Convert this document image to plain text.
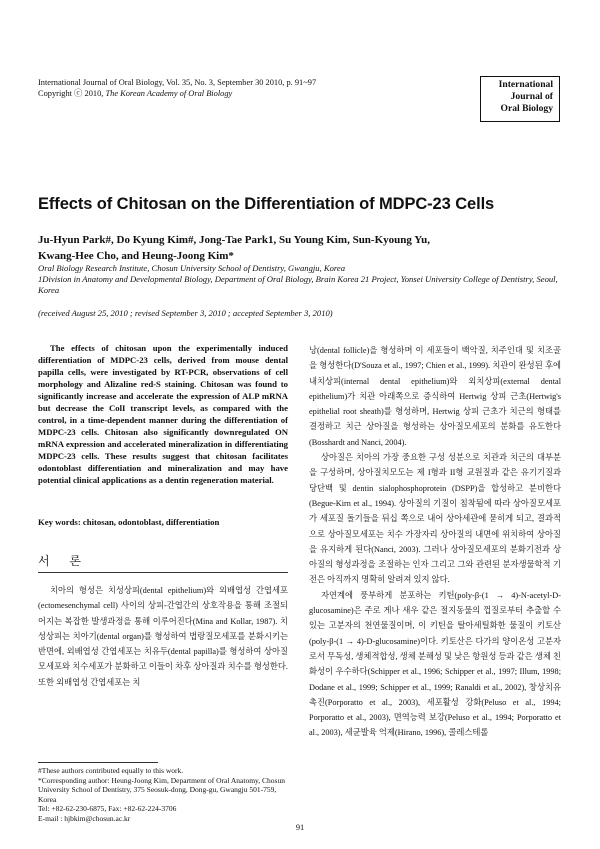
International Journal of Oral Biology, Vol. 35, No. 3, September 30 2010, p. 91~97
Copyright ⓒ 2010, The Korean Academy of Oral Biology
International
Journal of
Oral Biology
Effects of Chitosan on the Differentiation of MDPC-23 Cells
Ju-Hyun Park#, Do Kyung Kim#, Jong-Tae Park1, Su Young Kim, Sun-Kyoung Yu,
Kwang-Hee Cho, and Heung-Joong Kim*
Oral Biology Research Institute, Chosun University School of Dentistry, Gwangju, Korea
1Division in Anatomy and Developmental Biology, Department of Oral Biology, Brain Korea 21 Project, Yonsei University College of Dentistry, Seoul, Korea
(received August 25, 2010 ; revised September 3, 2010 ; accepted September 3, 2010)
The effects of chitosan upon the experimentally induced differentiation of MDPC-23 cells, derived from mouse dental papilla cells, were investigated by RT-PCR, observations of cell morphology and Alizaline red-S staining. Chitosan was found to significantly increase and accelerate the expression of ALP mRNA but decrease the ColI transcript levels, as compared with the control, in a time-dependent manner during the differentiation of MDPC-23 cells. Chitosan also significantly downregulated ON mRNA expression and accelerated mineralization in differentiating MDPC-23 cells. These results suggest that chitosan facilitates odontoblast differentiation and mineralization and may have potential clinical applications as a dentin regeneration material.
Key words: chitosan, odontoblast, differentiation
서 론

치아의 형성은 치성상피(dental epithelium)와 외배엽성 간엽세포(ectomesenchymal cell) 사이의 상피-간엽간의 상호작용을 통해 조절되어지는 복잡한 발생과정을 통해 이루어진다(Mina and Kollar, 1987). 치성상피는 치아기(dental organ)를 형성하여 법랑질모세포를 분화시키는 반면에, 외배엽성 간엽세포는 치유두(dental papilla)를 형성하여 상아질모세포와 치수세포가 분화하고 이들이 차후 상아질과 치수를 형성한다. 또한 외배엽성 간엽세포는 치

#These authors contributed equally to this work.

*Corresponding author: Heung-Joong Kim, Department of Oral Anatomy, Chosun University School of Dentistry, 375 Seosuk-dong, Dong-gu, Gwangju 501-759, Korea

Tel: +82-62-230-6875, Fax: +82-62-224-3706

E-mail : hjbkim@chosun.ac.kr

낭(dental follicle)을 형성하며 이 세포들이 백악질, 치주인대 및 치조골을 형성한다(D'Souza et al., 1997; Chien et al., 1999). 치관이 완성된 후에 내치상피(internal dental epithelium)와 외치상피(external dental epithelium)가 치관 아래쪽으로 증식하여 Hertwig 상피 근초(Hertwig's epithelial root sheath)를 형성하며, Hertwig 상피 근초가 치근의 형태를 결정하고 치근 상아질을 형성하는 상아질모세포의 분화를 유도한다(Bosshardt and Nanci, 2004).

상아질은 치아의 가장 중요한 구성 성분으로 치관과 치근의 대부분을 구성하며, 상아질치모도는 제 I형과 II형 교원질과 같은 유기기질과 당단백 및 dentin sialophosphoprotein (DSPP)을 합성하고 분비한다(Begue-Kirn et al., 1994). 상아질의 기질이 침착됨에 따라 상아질모세포가 세포질 돌기들을 뒤십 쪽으로 내어 상아세관에 묻히게 되고, 결과적으로 상아질모세포는 치수 가장자리 상아질의 내면에 위치하여 상아질을 유지하게 된다(Nanci, 2003). 그러나 상아질모세포의 분화기전과 상아질의 형성과정을 조절하는 인자 그리고 그와 관련된 분자생물학적 기전은 아직까지 명확히 알려져 있지 않다.

자연계에 풍부하게 분포하는 키틴(poly-β-(1 → 4)-N-acetyl-D-glucosamine)은 주로 게나 새우 같은 절지동물의 껍질로부터 추출할 수 있는 고분자의 천연물질이며, 이 키틴을 탈아세틸화한 물질이 키토산(poly-β-(1 → 4)-D-glucosamine)이다. 키토산은 다가의 양이온성 고분자로서 무독성, 생체적합성, 생체 분해성 및 낮은 항원성 등과 같은 생체 친화성이 우수하다(Schipper et al., 1996; Schipper et al., 1997; Illum, 1998; Dodane et al., 1999; Schipper et al., 1999; Ranaldi et al., 2002), 창상치유 촉진(Porporatto et al., 2003), 세포활성 강화(Peluso et al., 1994; Porporatto et al., 2003), 면역능력 보강(Peluso et al., 1994; Porporatto et al., 2003), 세균발육 억제(Hirano, 1996), 콜레스테롤

91
